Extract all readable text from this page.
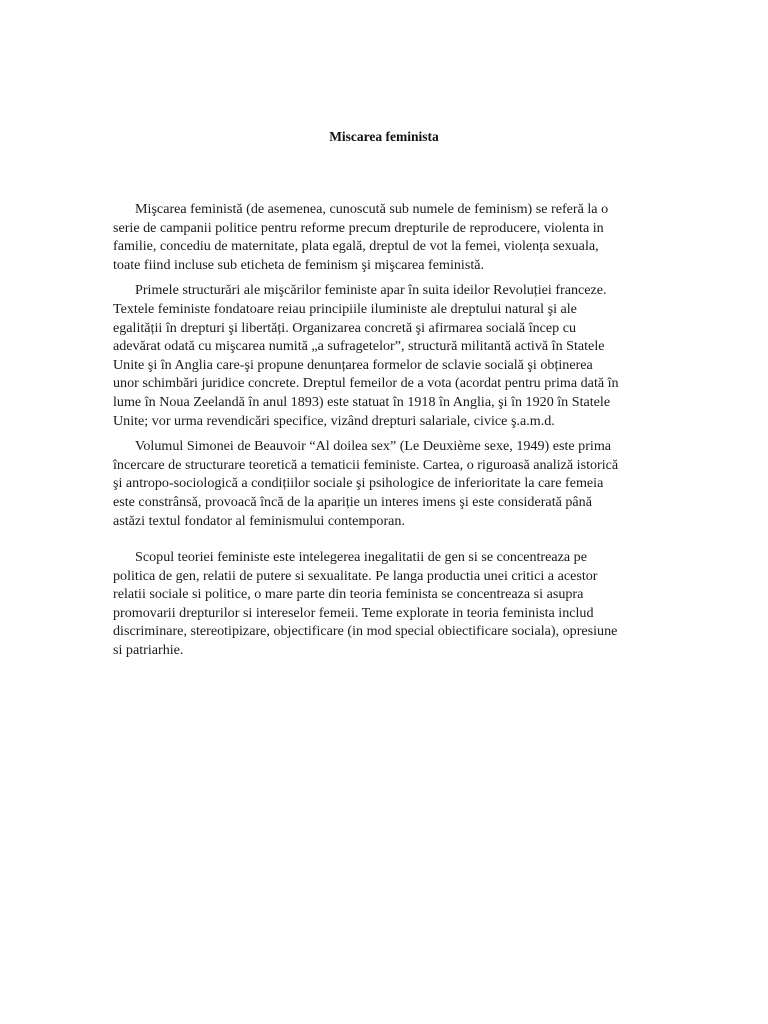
Miscarea feminista

Mişcarea feministă (de asemenea, cunoscută sub numele de feminism) se referă la o
serie de campanii politice pentru reforme precum drepturile de reproducere, violenta in
familie, concediu de maternitate, plata egală, dreptul de vot la femei, violența sexuala,
toate fiind incluse sub eticheta de feminism şi mişcarea feministă.

Primele structurări ale mişcărilor feministe apar în suita ideilor Revoluției franceze.
Textele feministe fondatoare reiau principiile iluministe ale dreptului natural şi ale
egalității în drepturi şi libertăți. Organizarea concretă şi afirmarea socială încep cu
adevărat odată cu mişcarea numită „a sufragetelor”, structură militantă activă în Statele
Unite şi în Anglia care-şi propune denunțarea formelor de sclavie socială şi obținerea
unor schimbări juridice concrete. Dreptul femeilor de a vota (acordat pentru prima dată în
lume în Noua Zeelandă în anul 1893) este statuat în 1918 în Anglia, şi în 1920 în Statele
Unite; vor urma revendicări specifice, vizând drepturi salariale, civice ş.a.m.d.

Volumul Simonei de Beauvoir “Al doilea sex” (Le Deuxième sexe, 1949) este prima
încercare de structurare teoretică a tematicii feministe. Cartea, o riguroasă analiză istorică
şi antropo-sociologică a condițiilor sociale şi psihologice de inferioritate la care femeia
este constrânsă, provoacă încă de la apariție un interes imens şi este considerată până
astăzi textul fondator al feminismului contemporan.

Scopul teoriei feministe este intelegerea inegalitatii de gen si se concentreaza pe
politica de gen, relatii de putere si sexualitate. Pe langa productia unei critici a acestor
relatii sociale si politice, o mare parte din teoria feminista se concentreaza si asupra
promovarii drepturilor si intereselor femeii. Teme explorate in teoria feminista includ
discriminare, stereotipizare, objectificare (in mod special obiectificare sociala), opresiune
si patriarhie.
